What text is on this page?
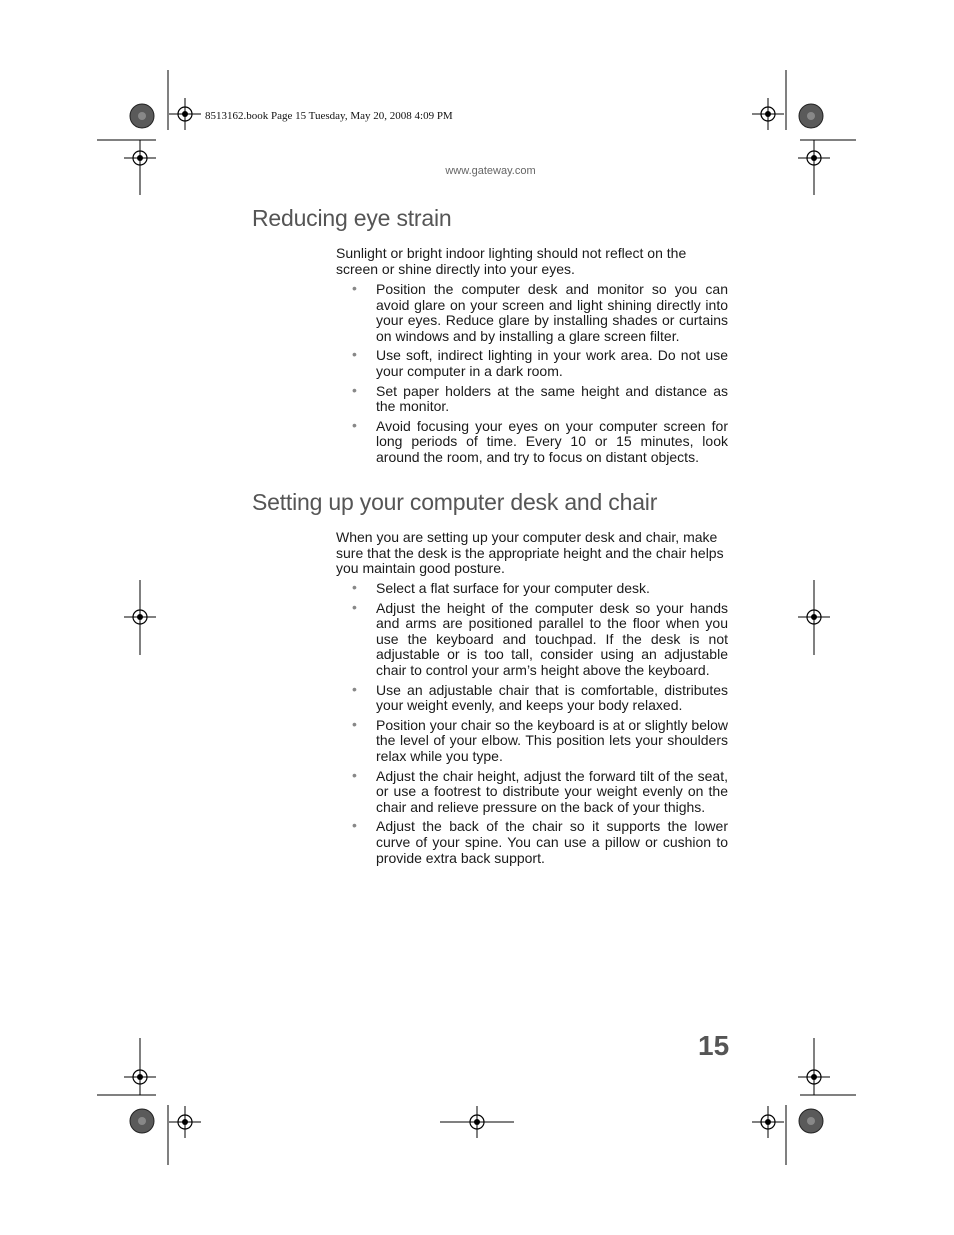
8513162.book Page 15 Tuesday, May 20, 2008 4:09 PM
www.gateway.com
Reducing eye strain

Sunlight or bright indoor lighting should not reflect on the screen or shine directly into your eyes.

• Position the computer desk and monitor so you can avoid glare on your screen and light shining directly into your eyes. Reduce glare by installing shades or curtains on windows and by installing a glare screen filter.
• Use soft, indirect lighting in your work area. Do not use your computer in a dark room.
• Set paper holders at the same height and distance as the monitor.
• Avoid focusing your eyes on your computer screen for long periods of time. Every 10 or 15 minutes, look around the room, and try to focus on distant objects.
Setting up your computer desk and chair

When you are setting up your computer desk and chair, make sure that the desk is the appropriate height and the chair helps you maintain good posture.

• Select a flat surface for your computer desk.
• Adjust the height of the computer desk so your hands and arms are positioned parallel to the floor when you use the keyboard and touchpad. If the desk is not adjustable or is too tall, consider using an adjustable chair to control your arm’s height above the keyboard.
• Use an adjustable chair that is comfortable, distributes your weight evenly, and keeps your body relaxed.
• Position your chair so the keyboard is at or slightly below the level of your elbow. This position lets your shoulders relax while you type.
• Adjust the chair height, adjust the forward tilt of the seat, or use a footrest to distribute your weight evenly on the chair and relieve pressure on the back of your thighs.
• Adjust the back of the chair so it supports the lower curve of your spine. You can use a pillow or cushion to provide extra back support.
15
